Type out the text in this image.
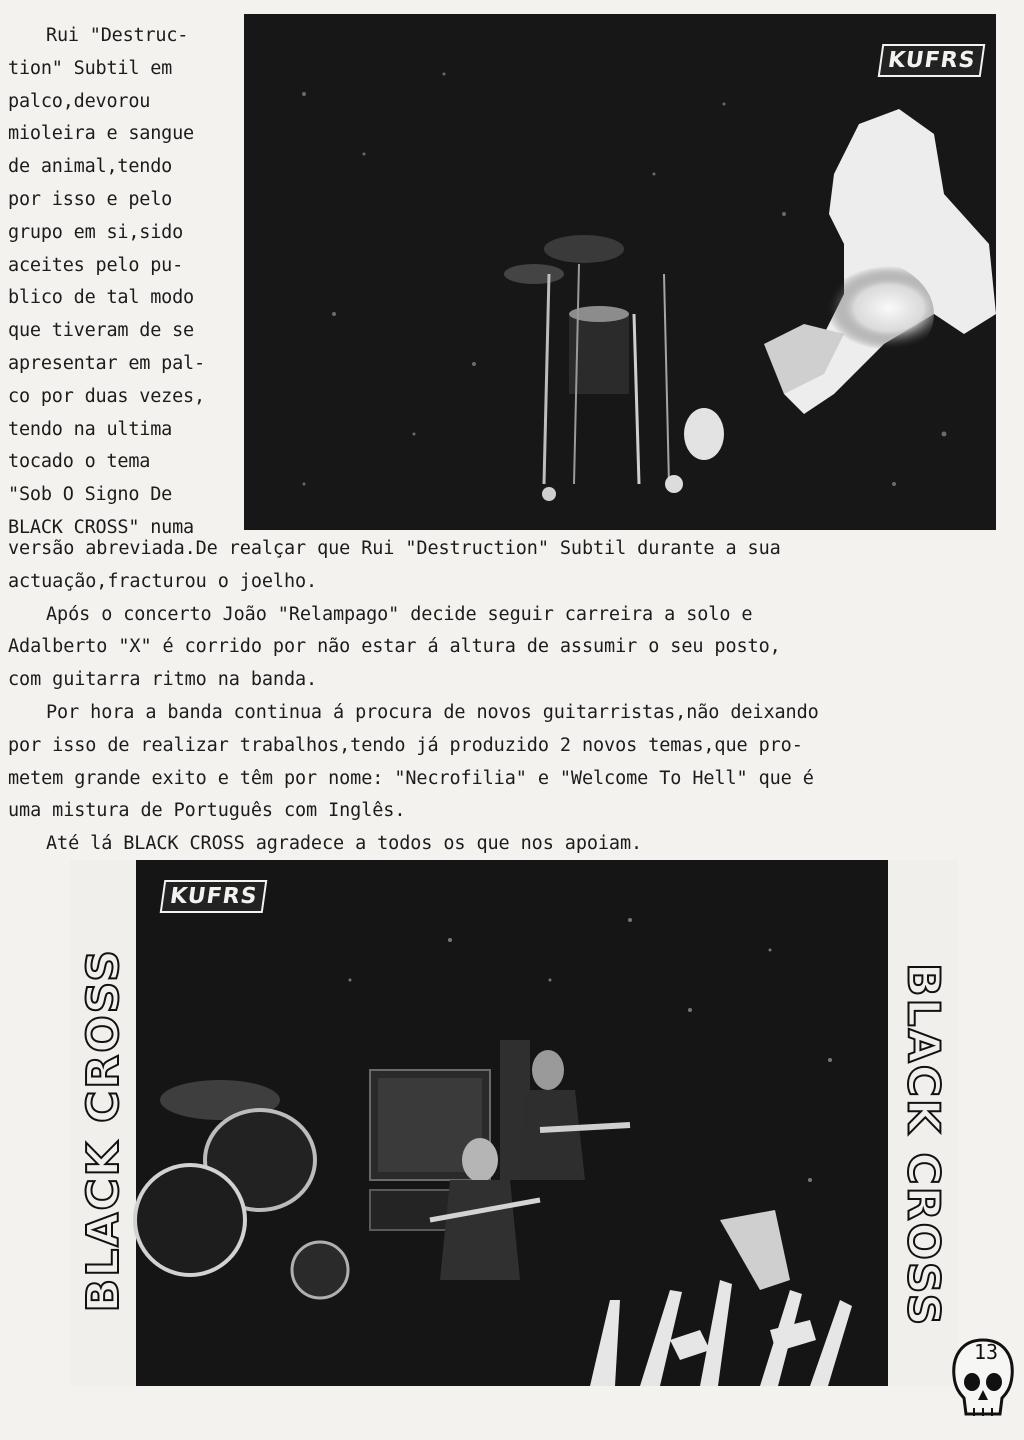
Rui "Destruc-
tion" Subtil em
palco,devorou
mioleira e sangue
de animal,tendo
por isso e pelo
grupo em si,sido
aceites pelo pu-
blico de tal modo
que tiveram de se
apresentar em pal-
co por duas vezes,
tendo na ultima
tocado o tema
"Sob O Signo De
BLACK CROSS" numa
KUFRS
versão abreviada.De realçar que Rui "Destruction" Subtil durante a sua
actuação,fracturou o joelho.
Após o concerto João "Relampago" decide seguir carreira a solo e
Adalberto "X" é corrido por não estar á altura de assumir o seu posto,
com guitarra ritmo na banda.
Por hora a banda continua á procura de novos guitarristas,não deixando
por isso de realizar trabalhos,tendo já produzido 2 novos temas,que pro-
metem grande exito e têm por nome: "Necrofilia" e "Welcome To Hell" que é
uma mistura de Português com Inglês.
Até lá BLACK CROSS agradece a todos os que nos apoiam.
KUFRS
BLACK CROSS	BLACK CROSS
13
